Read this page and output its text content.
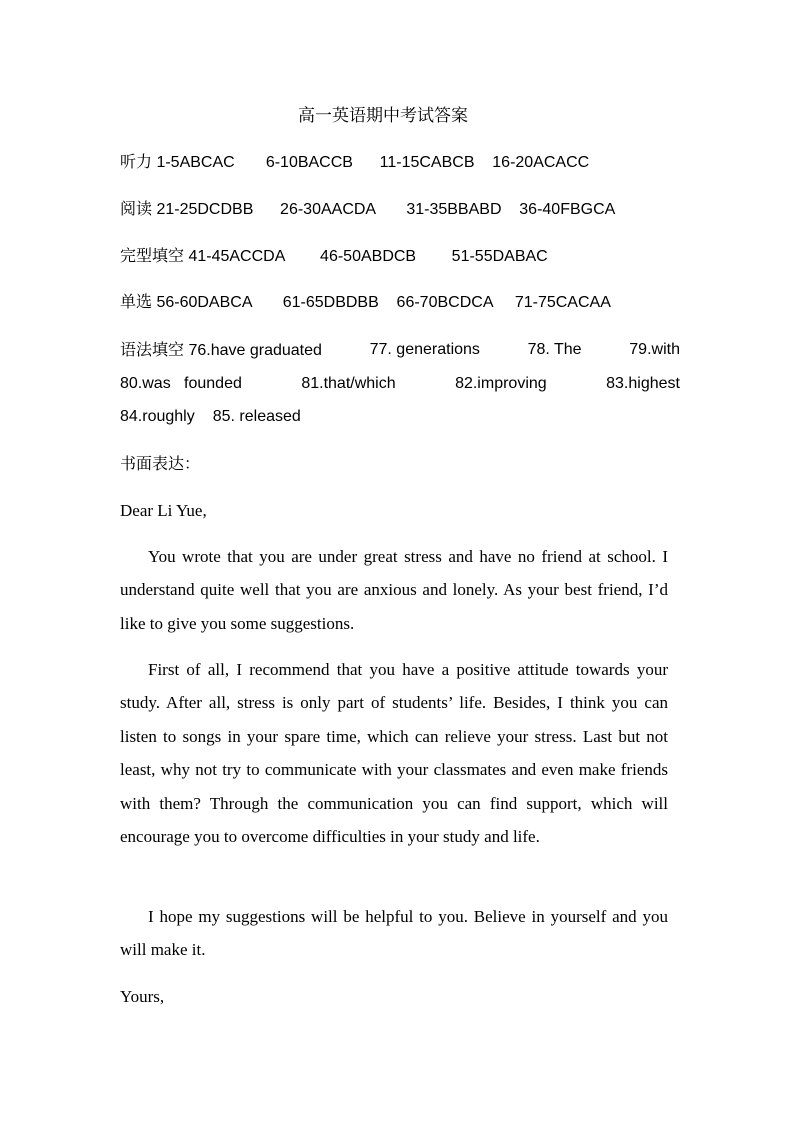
高一英语期中考试答案
听力 1-5ABCAC       6-10BACCB      11-15CABCB    16-20ACACC
阅读 21-25DCDBB      26-30AACDA       31-35BBABD    36-40FBGCA
完型填空 41-45ACCDA        46-50ABDCB        51-55DABAC
单选 56-60DABCA       61-65DBDBB    66-70BCDCA     71-75CACAA
语法填空 76.have graduated	77. generations	78. The	79.with
80.was   founded	81.that/which	82.improving	83.highest
84.roughly 85. released
书面表达：

Dear Li Yue,

You wrote that you are under great stress and have no friend at school. I understand quite well that you are anxious and lonely. As your best friend, I’d like to give you some suggestions.

First of all, I recommend that you have a positive attitude towards your study. After all, stress is only part of students’ life. Besides, I think you can listen to songs in your spare time, which can relieve your stress. Last but not least, why not try to communicate with your classmates and even make friends with them? Through the communication you can find support, which will encourage you to overcome difficulties in your study and life.

I hope my suggestions will be helpful to you. Believe in yourself and you will make it.

Yours,
